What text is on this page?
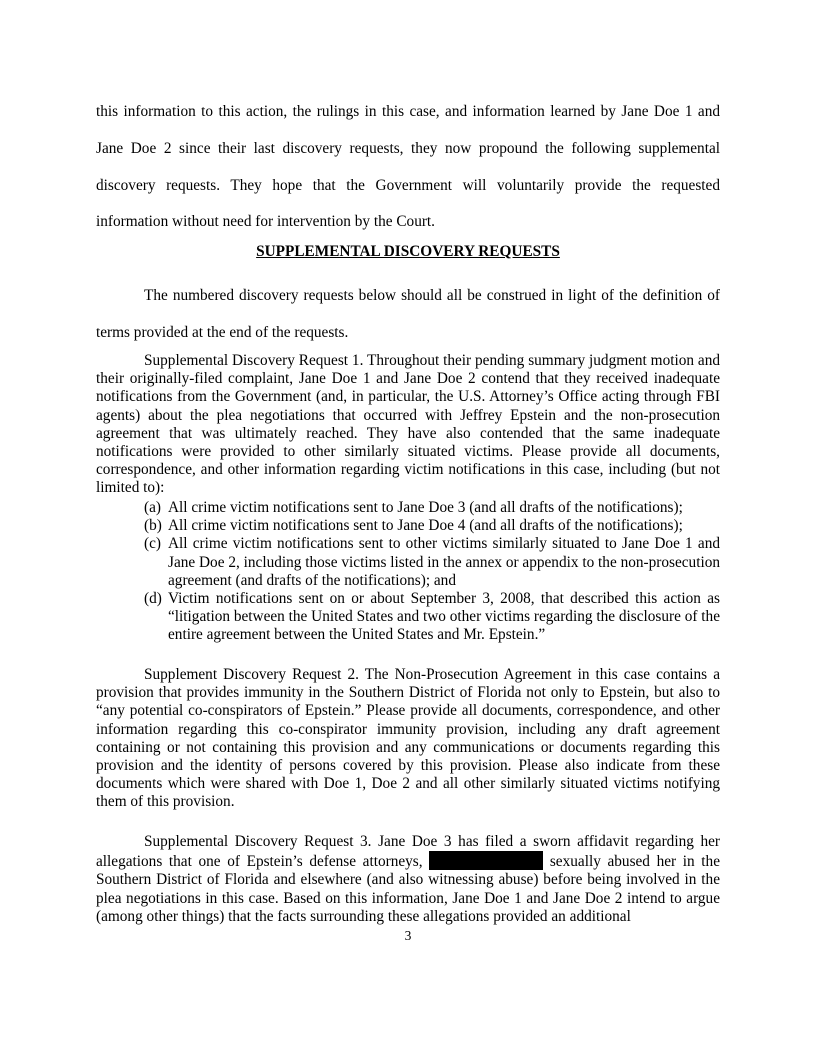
this information to this action, the rulings in this case, and information learned by Jane Doe 1 and Jane Doe 2 since their last discovery requests, they now propound the following supplemental discovery requests. They hope that the Government will voluntarily provide the requested information without need for intervention by the Court.

SUPPLEMENTAL DISCOVERY REQUESTS

The numbered discovery requests below should all be construed in light of the definition of terms provided at the end of the requests.

Supplemental Discovery Request 1. Throughout their pending summary judgment motion and their originally-filed complaint, Jane Doe 1 and Jane Doe 2 contend that they received inadequate notifications from the Government (and, in particular, the U.S. Attorney’s Office acting through FBI agents) about the plea negotiations that occurred with Jeffrey Epstein and the non-prosecution agreement that was ultimately reached. They have also contended that the same inadequate notifications were provided to other similarly situated victims. Please provide all documents, correspondence, and other information regarding victim notifications in this case, including (but not limited to):

(a) All crime victim notifications sent to Jane Doe 3 (and all drafts of the notifications);
(b) All crime victim notifications sent to Jane Doe 4 (and all drafts of the notifications);
(c) All crime victim notifications sent to other victims similarly situated to Jane Doe 1 and Jane Doe 2, including those victims listed in the annex or appendix to the non-prosecution agreement (and drafts of the notifications); and
(d) Victim notifications sent on or about September 3, 2008, that described this action as “litigation between the United States and two other victims regarding the disclosure of the entire agreement between the United States and Mr. Epstein.”

Supplement Discovery Request 2. The Non-Prosecution Agreement in this case contains a provision that provides immunity in the Southern District of Florida not only to Epstein, but also to “any potential co-conspirators of Epstein.” Please provide all documents, correspondence, and other information regarding this co-conspirator immunity provision, including any draft agreement containing or not containing this provision and any communications or documents regarding this provision and the identity of persons covered by this provision. Please also indicate from these documents which were shared with Doe 1, Doe 2 and all other similarly situated victims notifying them of this provision.

Supplemental Discovery Request 3. Jane Doe 3 has filed a sworn affidavit regarding her allegations that one of Epstein’s defense attorneys,	sexually abused her in the Southern District of Florida and elsewhere (and also witnessing abuse) before being involved in the plea negotiations in this case. Based on this information, Jane Doe 1 and Jane Doe 2 intend to argue (among other things) that the facts surrounding these allegations provided an additional

3
